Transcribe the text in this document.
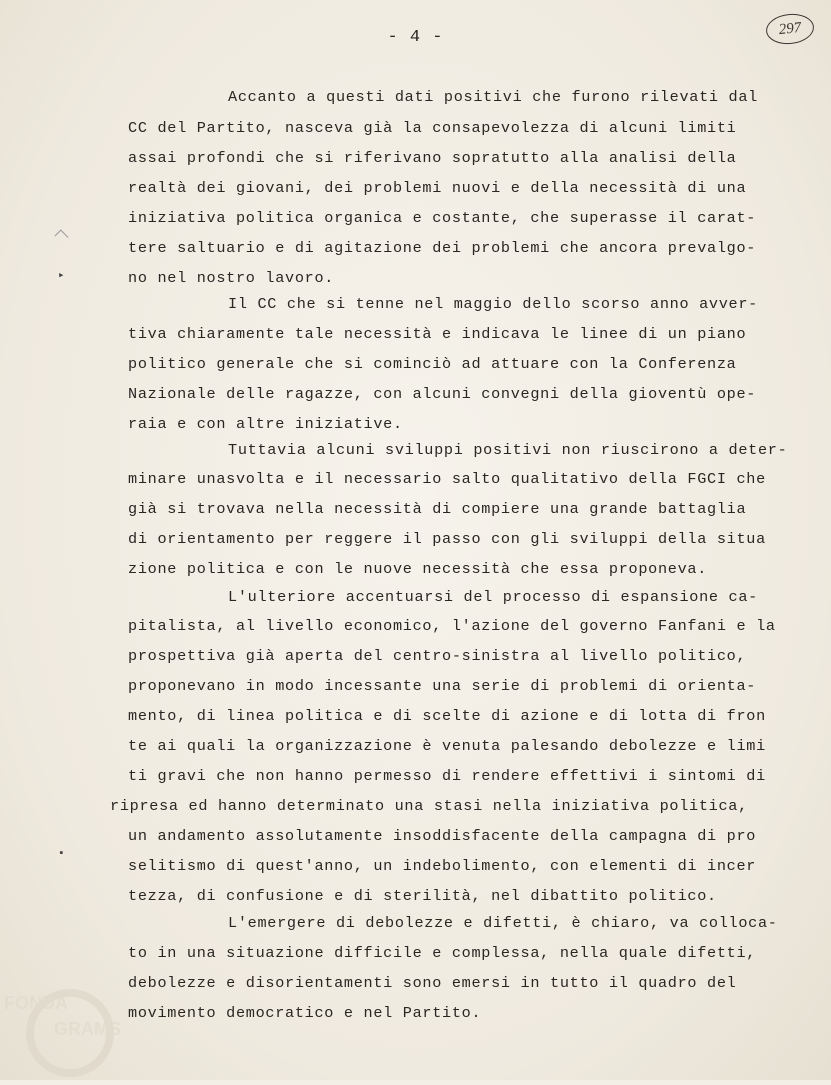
- 4 -	297
▸
▪
Accanto a questi dati positivi che furono rilevati dal
CC del Partito, nasceva già la consapevolezza di alcuni limiti
assai profondi che si riferivano sopratutto alla analisi della
realtà dei giovani, dei problemi nuovi e della necessità di una
iniziativa politica organica e costante, che superasse il carat-
tere saltuario e di agitazione dei problemi che ancora prevalgo-
no nel nostro lavoro.
Il CC che si tenne nel maggio dello scorso anno avver-
tiva chiaramente tale necessità e indicava le linee di un piano
politico generale che si cominciò ad attuare con la Conferenza
Nazionale delle ragazze, con alcuni convegni della gioventù ope-
raia e con altre iniziative.
Tuttavia alcuni sviluppi positivi non riuscirono a deter-
minare unasvolta e il necessario salto qualitativo della FGCI che
già si trovava nella necessità di compiere una grande battaglia
di orientamento per reggere il passo con gli sviluppi della situa
zione politica e con le nuove necessità che essa proponeva.
L'ulteriore accentuarsi del processo di espansione ca-
pitalista, al livello economico, l'azione del governo Fanfani e la
prospettiva già aperta del centro-sinistra al livello politico,
proponevano in modo incessante una serie di problemi di orienta-
mento, di linea politica e di scelte di azione e di lotta di fron
te ai quali la organizzazione è venuta palesando debolezze e limi
ti gravi che non hanno permesso di rendere effettivi i sintomi di
ripresa ed hanno determinato una stasi nella iniziativa politica,
un andamento assolutamente insoddisfacente della campagna di pro
selitismo di quest'anno, un indebolimento, con elementi di incer
tezza, di confusione e di sterilità, nel dibattito politico.
L'emergere di debolezze e difetti, è chiaro, va colloca-
to in una situazione difficile e complessa, nella quale difetti,
debolezze e disorientamenti sono emersi in tutto il quadro del
movimento democratico e nel Partito.
FONDA
GRAMS
